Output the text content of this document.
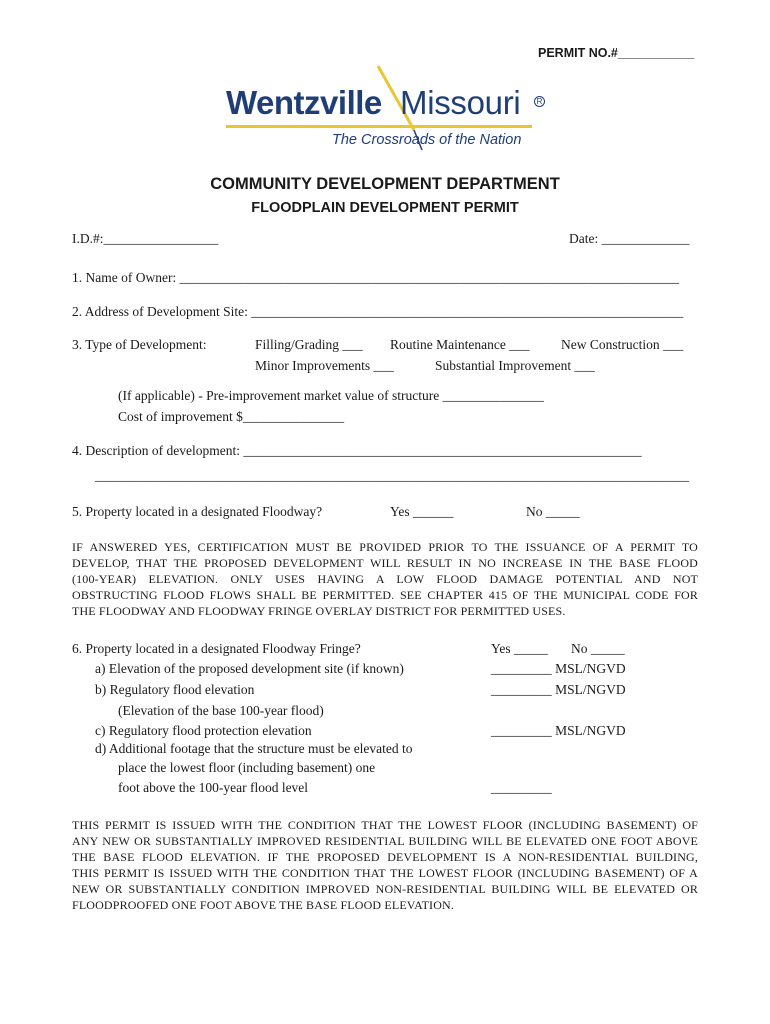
PERMIT NO.#___________
Wentzville Missouri	R
The Crossroads of the Nation
COMMUNITY DEVELOPMENT DEPARTMENT
FLOODPLAIN DEVELOPMENT PERMIT
I.D.#:_________________	Date: _____________
1. Name of Owner: __________________________________________________________________________
2. Address of Development Site: ________________________________________________________________
3. Type of Development:	Filling/Grading ___ Routine Maintenance ___ New Construction ___
Minor Improvements ___	Substantial Improvement ___
(If applicable) - Pre-improvement market value of structure _______________
Cost of improvement $_______________
4. Description of development: ___________________________________________________________
________________________________________________________________________________________
5. Property located in a designated Floodway?	Yes ______	No _____
IF ANSWERED YES, CERTIFICATION MUST BE PROVIDED PRIOR TO THE ISSUANCE OF A PERMIT TO
DEVELOP, THAT THE PROPOSED DEVELOPMENT WILL RESULT IN NO INCREASE IN THE BASE FLOOD
(100-YEAR) ELEVATION. ONLY USES HAVING A LOW FLOOD DAMAGE POTENTIAL AND NOT
OBSTRUCTING FLOOD FLOWS SHALL BE PERMITTED. SEE CHAPTER 415 OF THE MUNICIPAL CODE FOR
THE FLOODWAY AND FLOODWAY FRINGE OVERLAY DISTRICT FOR PERMITTED USES.
6. Property located in a designated Floodway Fringe?	Yes _____ No _____
a) Elevation of the proposed development site (if known)	_________ MSL/NGVD
b) Regulatory flood elevation	_________ MSL/NGVD
(Elevation of the base 100-year flood)
c) Regulatory flood protection elevation	_________ MSL/NGVD
d) Additional footage that the structure must be elevated to
place the lowest floor (including basement) one
foot above the 100-year flood level	_________
THIS PERMIT IS ISSUED WITH THE CONDITION THAT THE LOWEST FLOOR (INCLUDING BASEMENT) OF
ANY NEW OR SUBSTANTIALLY IMPROVED RESIDENTIAL BUILDING WILL BE ELEVATED ONE FOOT ABOVE
THE BASE FLOOD ELEVATION. IF THE PROPOSED DEVELOPMENT IS A NON-RESIDENTIAL BUILDING,
THIS PERMIT IS ISSUED WITH THE CONDITION THAT THE LOWEST FLOOR (INCLUDING BASEMENT) OF A
NEW OR SUBSTANTIALLY CONDITION IMPROVED NON-RESIDENTIAL BUILDING WILL BE ELEVATED OR
FLOODPROOFED ONE FOOT ABOVE THE BASE FLOOD ELEVATION.
